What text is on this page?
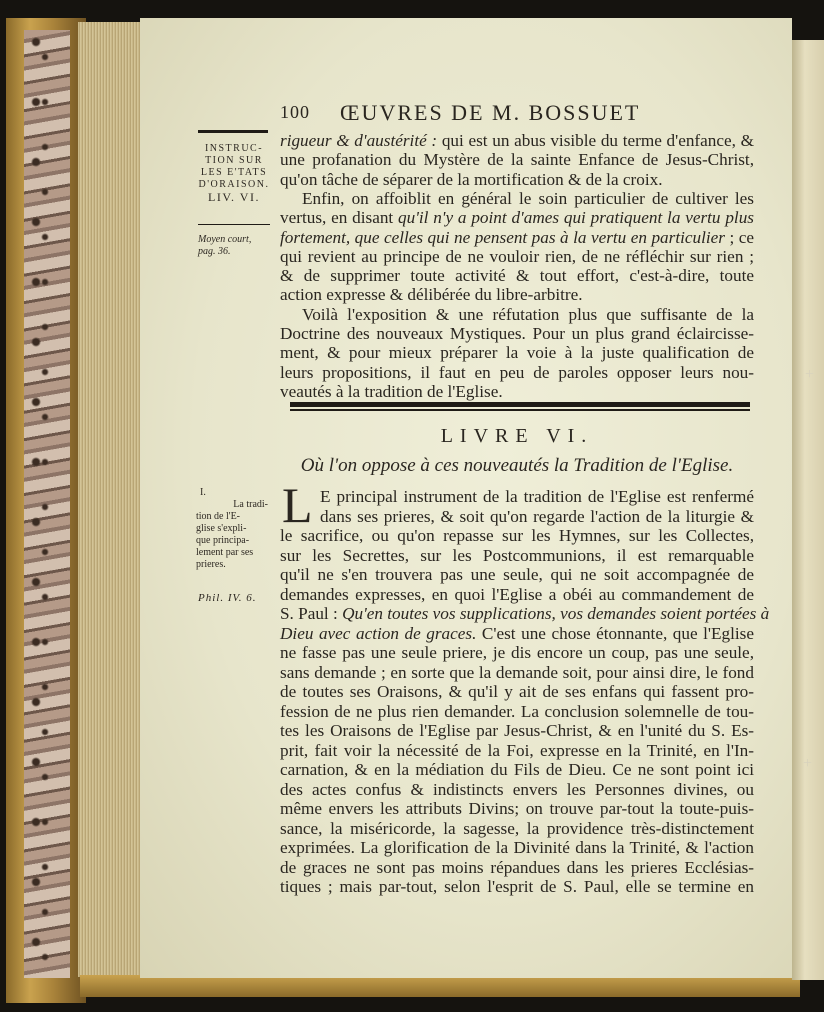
100 ŒUVRES DE M. BOSSUET
INSTRUC-
TION SUR
LES E'TATS
D'ORAISON.
LIV. VI.
Moyen court,
pag. 36.
I.
La tradi-
tion de l'E-
glise s'expli-
que principa-
lement par ses
prieres.
Phil. IV. 6.
rigueur & d'austérité : qui est un abus visible du terme d'enfance, &
une profanation du Mystère de la sainte Enfance de Jesus-Christ,
qu'on tâche de séparer de la mortification & de la croix.
Enfin, on affoiblit en général le soin particulier de cultiver les
vertus, en disant qu'il n'y a point d'ames qui pratiquent la vertu plus
fortement, que celles qui ne pensent pas à la vertu en particulier ; ce
qui revient au principe de ne vouloir rien, de ne réfléchir sur rien ;
& de supprimer toute activité & tout effort, c'est-à-dire, toute
action expresse & délibérée du libre-arbitre.
Voilà l'exposition & une réfutation plus que suffisante de la
Doctrine des nouveaux Mystiques. Pour un plus grand éclaircisse-
ment, & pour mieux préparer la voie à la juste qualification de
leurs propositions, il faut en peu de paroles opposer leurs nou-
veautés à la tradition de l'Eglise.
LIVRE VI.
Où l'on oppose à ces nouveautés la Tradition de l'Eglise.
L E principal instrument de la tradition de l'Eglise est renfermé
dans ses prieres, & soit qu'on regarde l'action de la liturgie &
le sacrifice, ou qu'on repasse sur les Hymnes, sur les Collectes,
sur les Secrettes, sur les Postcommunions, il est remarquable
qu'il ne s'en trouvera pas une seule, qui ne soit accompagnée de
demandes expresses, en quoi l'Eglise a obéi au commandement de
S. Paul : Qu'en toutes vos supplications, vos demandes soient portées à
Dieu avec action de graces. C'est une chose étonnante, que l'Eglise
ne fasse pas une seule priere, je dis encore un coup, pas une seule,
sans demande ; en sorte que la demande soit, pour ainsi dire, le fond
de toutes ses Oraisons, & qu'il y ait de ses enfans qui fassent pro-
fession de ne plus rien demander. La conclusion solemnelle de tou-
tes les Oraisons de l'Eglise par Jesus-Christ, & en l'unité du S. Es-
prit, fait voir la nécessité de la Foi, expresse en la Trinité, en l'In-
carnation, & en la médiation du Fils de Dieu. Ce ne sont point ici
des actes confus & indistincts envers les Personnes divines, ou
même envers les attributs Divins; on trouve par-tout la toute-puis-
sance, la miséricorde, la sagesse, la providence très-distinctement
exprimées. La glorification de la Divinité dans la Trinité, & l'action
de graces ne sont pas moins répandues dans les prieres Ecclésias-
tiques ; mais par-tout, selon l'esprit de S. Paul, elle se termine en
+
+
